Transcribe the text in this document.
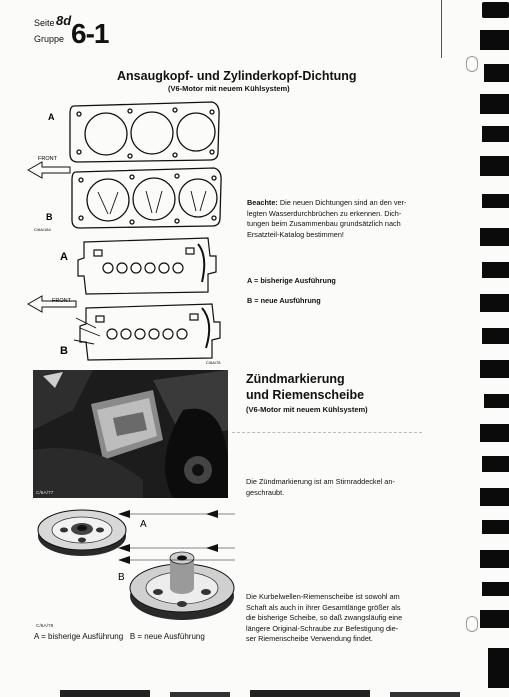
Seite 8d
Gruppe 6-1
Ansaugkopf- und Zylinderkopf-Dichtung
(V6-Motor mit neuem Kühlsystem)
A
FRONT
B
C/6A/184
A
FRONT
B
C/6A/78
Beachte: Die neuen Dichtungen sind an den ver-
legten Wasserdurchbrüchen zu erkennen. Dich-
tungen beim Zusammenbau grundsätzlich nach
Ersatzteil-Katalog bestimmen!
A = bisherige Ausführung
B = neue Ausführung
C/6A/77
Zündmarkierung
und Riemenscheibe
(V6-Motor mit neuem Kühlsystem)
Die Zündmarkierung ist am Stirnraddeckel an-
geschraubt.
A
B
C/6A/78
A = bisherige Ausführung   B = neue Ausführung
Die Kurbelwellen-Riemenscheibe ist sowohl am
Schaft als auch in ihrer Gesamtlänge größer als
die bisherige Scheibe, so daß zwangsläufig eine
längere Original-Schraube zur Befestigung die-
ser Riemenscheibe Verwendung findet.
